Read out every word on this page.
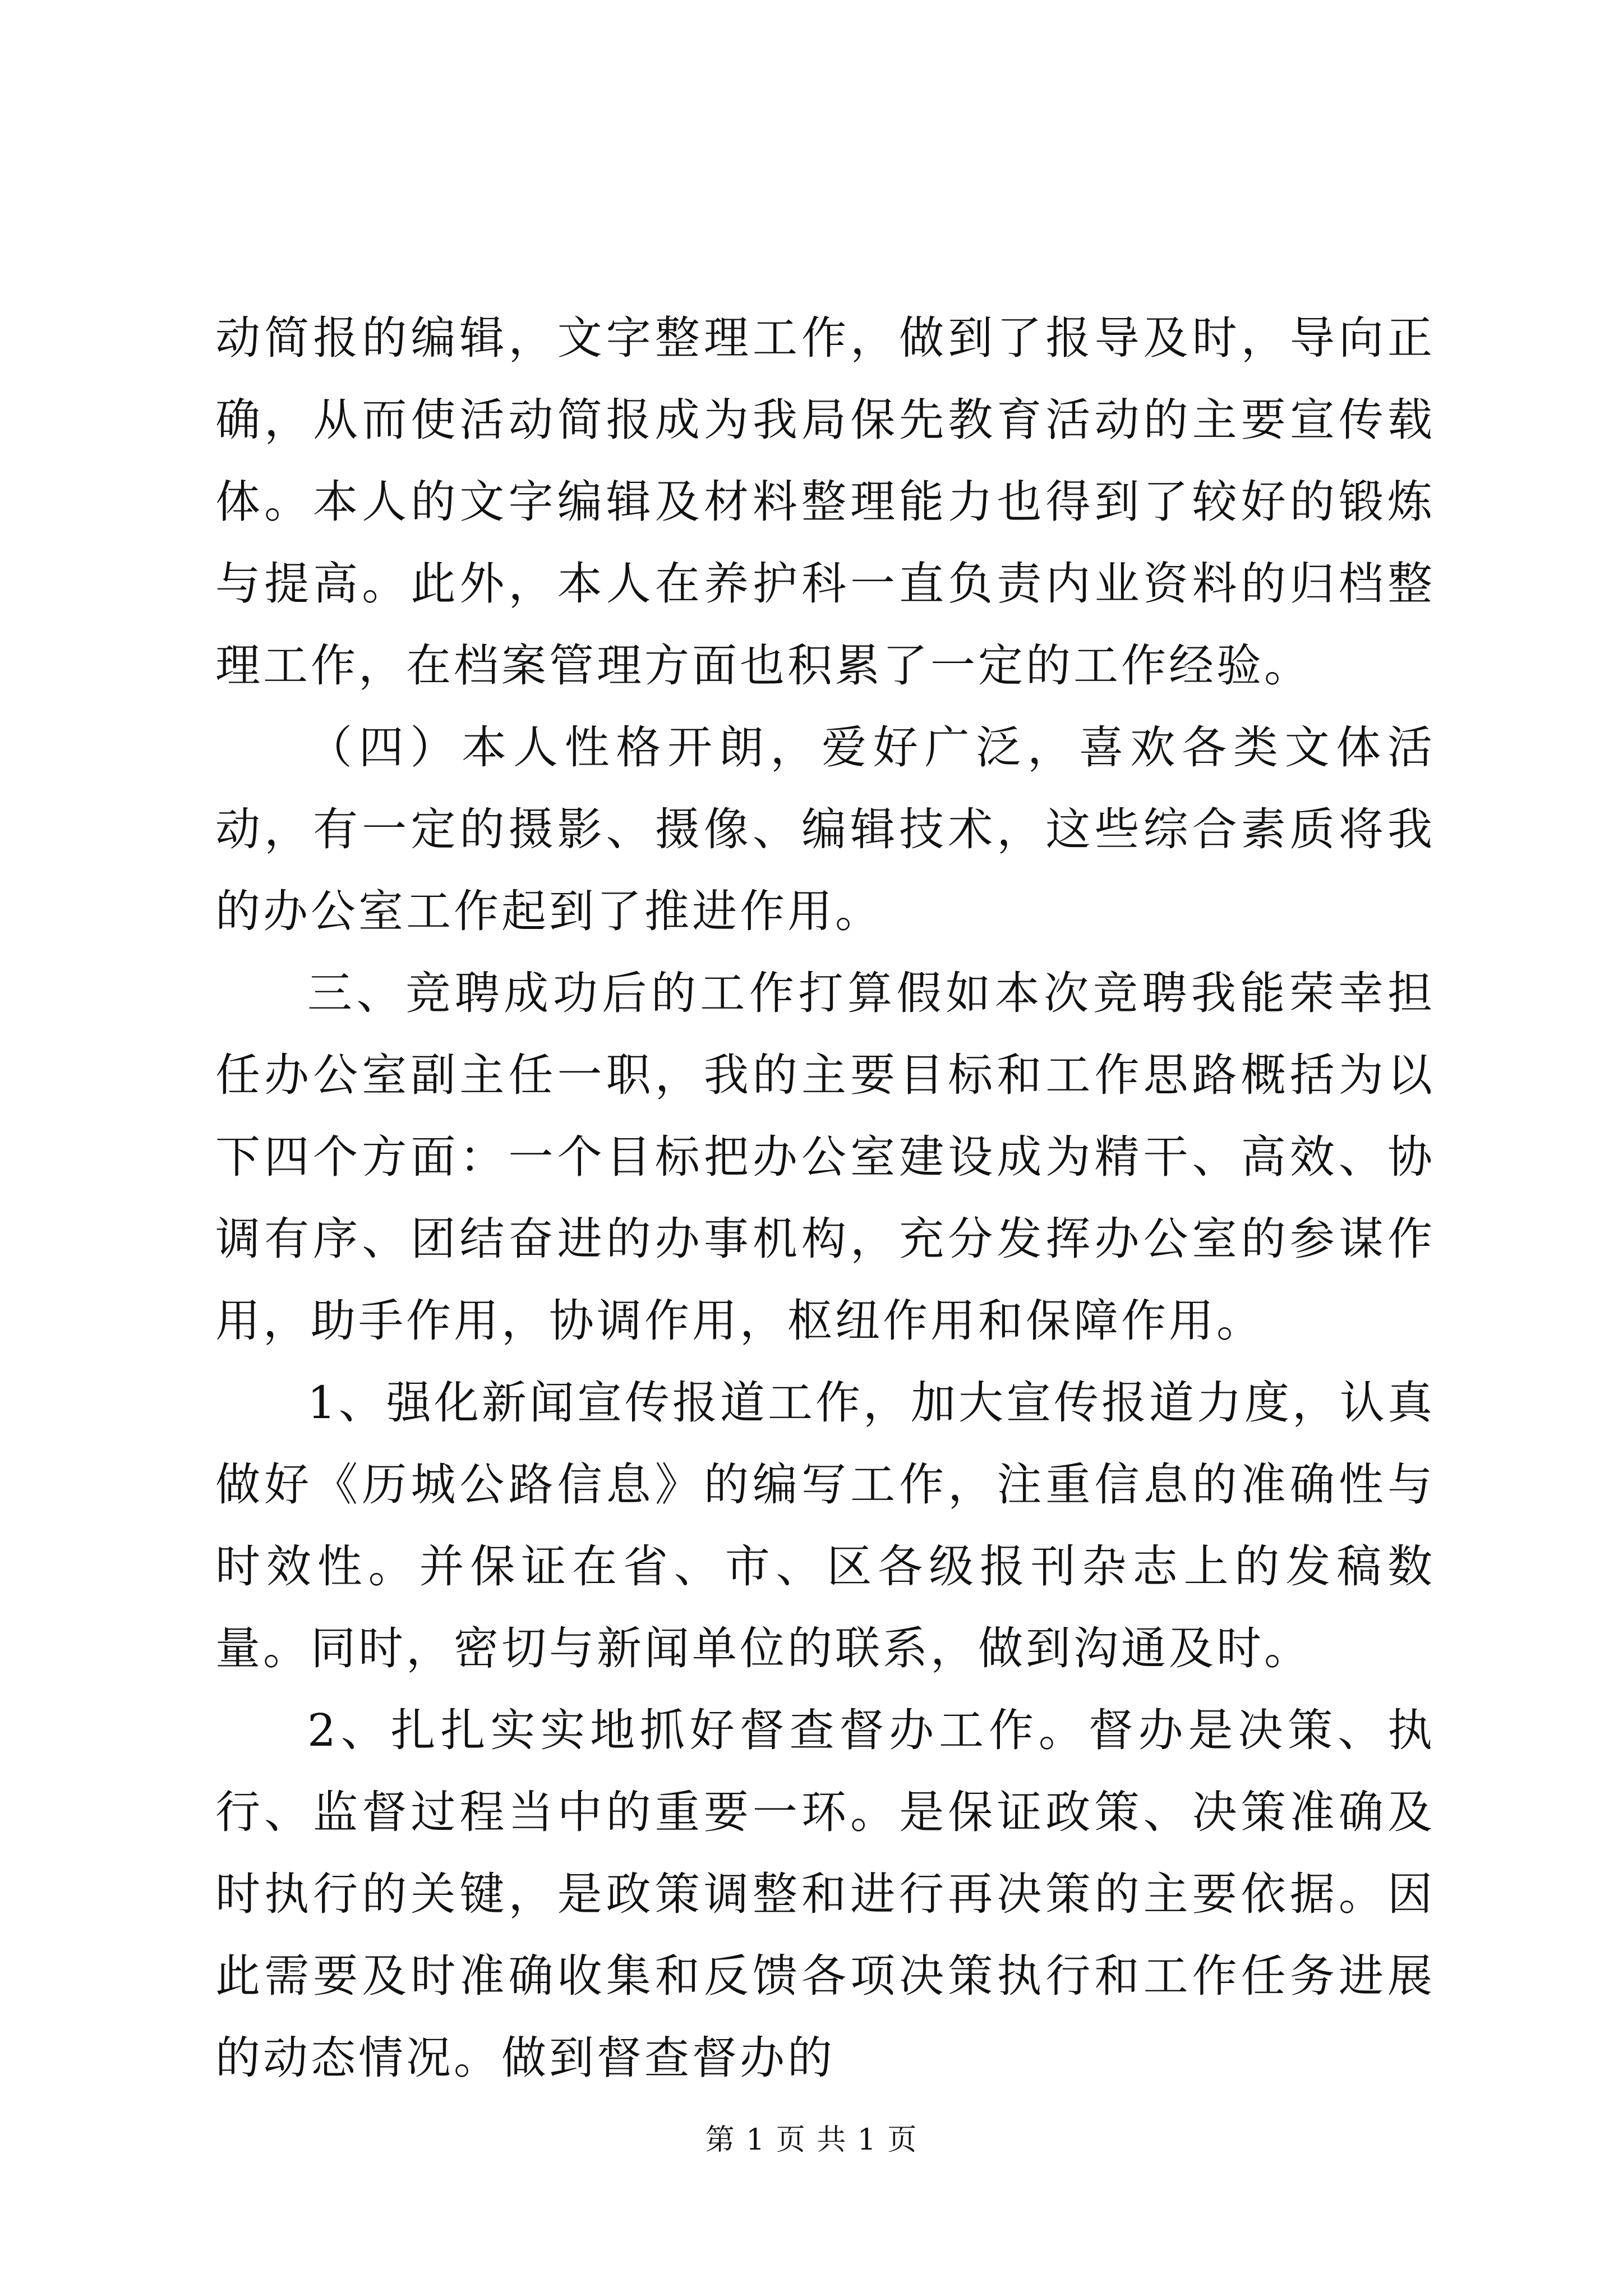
动简报的编辑，文字整理工作，做到了报导及时，导向正确，从而使活动简报成为我局保先教育活动的主要宣传载体。本人的文字编辑及材料整理能力也得到了较好的锻炼与提高。此外，本人在养护科一直负责内业资料的归档整理工作，在档案管理方面也积累了一定的工作经验。

（四）本人性格开朗，爱好广泛，喜欢各类文体活动，有一定的摄影、摄像、编辑技术，这些综合素质将我的办公室工作起到了推进作用。

三、竞聘成功后的工作打算假如本次竞聘我能荣幸担任办公室副主任一职，我的主要目标和工作思路概括为以下四个方面：一个目标把办公室建设成为精干、高效、协调有序、团结奋进的办事机构，充分发挥办公室的参谋作用，助手作用，协调作用，枢纽作用和保障作用。

1、强化新闻宣传报道工作，加大宣传报道力度，认真做好《历城公路信息》的编写工作，注重信息的准确性与时效性。并保证在省、市、区各级报刊杂志上的发稿数量。同时，密切与新闻单位的联系，做到沟通及时。

2、扎扎实实地抓好督查督办工作。督办是决策、执行、监督过程当中的重要一环。是保证政策、决策准确及时执行的关键，是政策调整和进行再决策的主要依据。因此需要及时准确收集和反馈各项决策执行和工作任务进展的动态情况。做到督查督办的

第 1 页 共 1 页
